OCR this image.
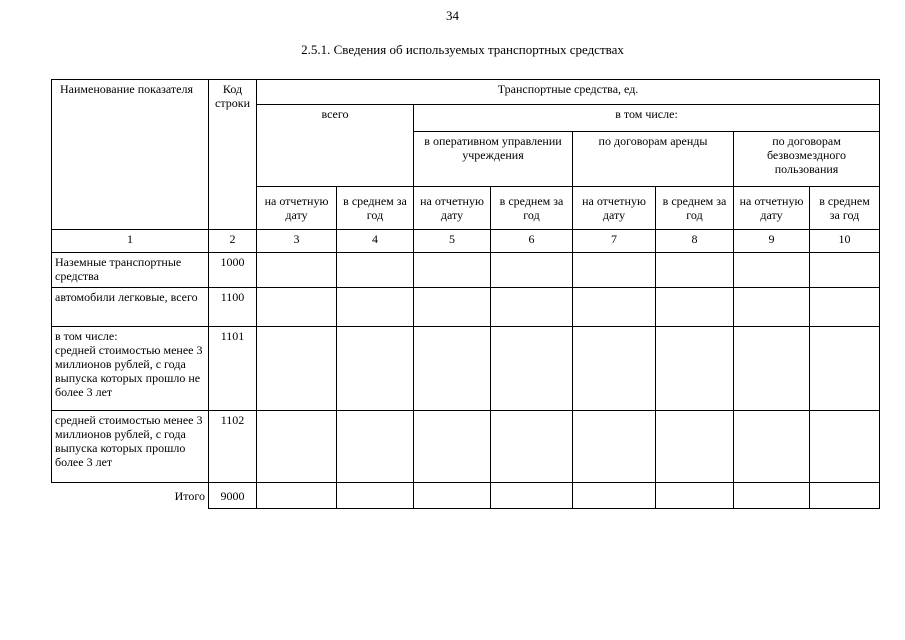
34
2.5.1. Сведения об используемых транспортных средствах
Наименование показателя	Код строки	Транспортные средства, ед.							
		всего		в том числе:					
				в оперативном управлении учреждения		по договорам аренды		по договорам безвозмездного пользования	
		на отчетную дату	в среднем за год	на отчетную дату	в среднем за год	на отчетную дату	в среднем за год	на отчетную дату	в среднем за год
1	2	3	4	5	6	7	8	9	10
Наземные транспортные средства	1000								
автомобили легковые, всего	1100								
в том числе:
средней стоимостью менее 3 миллионов рублей, с года выпуска которых прошло не более 3 лет	1101								
средней стоимостью менее 3 миллионов рублей, с года выпуска которых прошло более 3 лет	1102								
Итого	9000								
